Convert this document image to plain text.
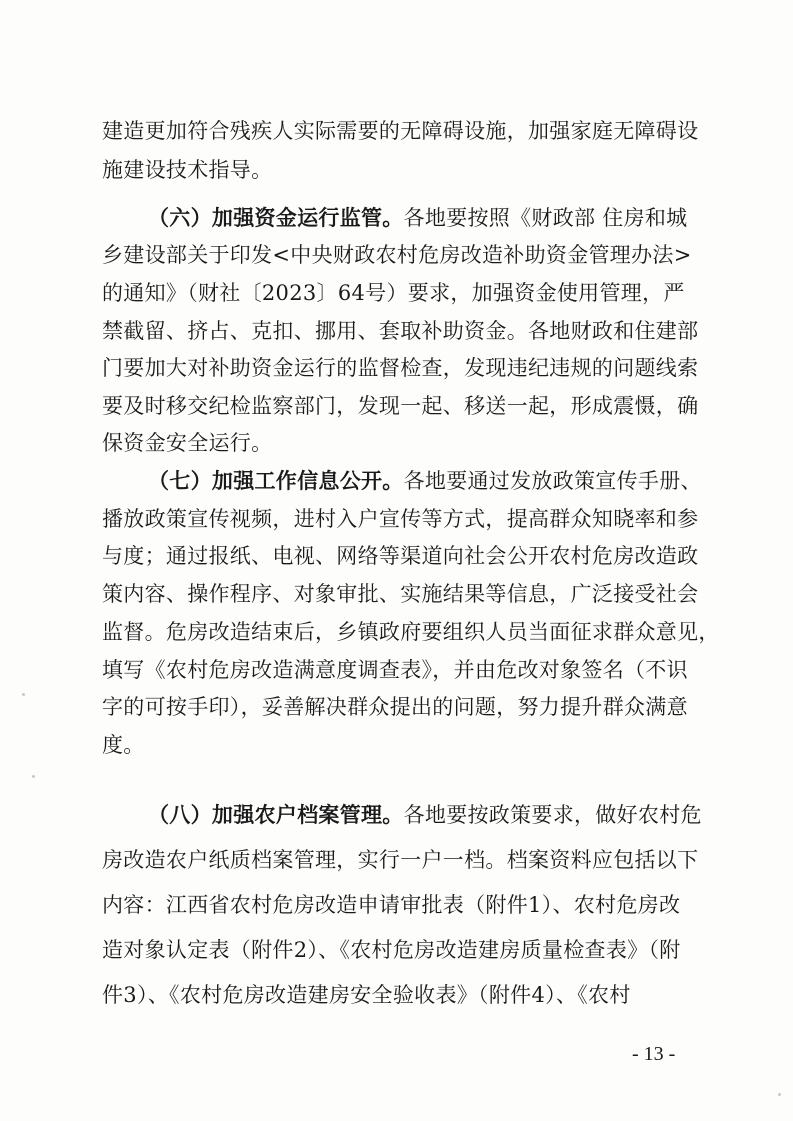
建造更加符合残疾人实际需要的无障碍设施，加强家庭无障碍设
施建设技术指导。
（六）加强资金运行监管。各地要按照《财政部 住房和城
乡建设部关于印发<中央财政农村危房改造补助资金管理办法>
的通知》（财社〔2023〕64号）要求，加强资金使用管理，严
禁截留、挤占、克扣、挪用、套取补助资金。各地财政和住建部
门要加大对补助资金运行的监督检查，发现违纪违规的问题线索
要及时移交纪检监察部门，发现一起、移送一起，形成震慑，确
保资金安全运行。
（七）加强工作信息公开。各地要通过发放政策宣传手册、
播放政策宣传视频，进村入户宣传等方式，提高群众知晓率和参
与度；通过报纸、电视、网络等渠道向社会公开农村危房改造政
策内容、操作程序、对象审批、实施结果等信息，广泛接受社会
监督。危房改造结束后，乡镇政府要组织人员当面征求群众意见，
填写《农村危房改造满意度调查表》，并由危改对象签名（不识
字的可按手印），妥善解决群众提出的问题，努力提升群众满意
度。
（八）加强农户档案管理。各地要按政策要求，做好农村危
房改造农户纸质档案管理，实行一户一档。档案资料应包括以下
内容：江西省农村危房改造申请审批表（附件1）、农村危房改
造对象认定表（附件2）、《农村危房改造建房质量检查表》（附
件3）、《农村危房改造建房安全验收表》（附件4）、《农村
- 13 -
